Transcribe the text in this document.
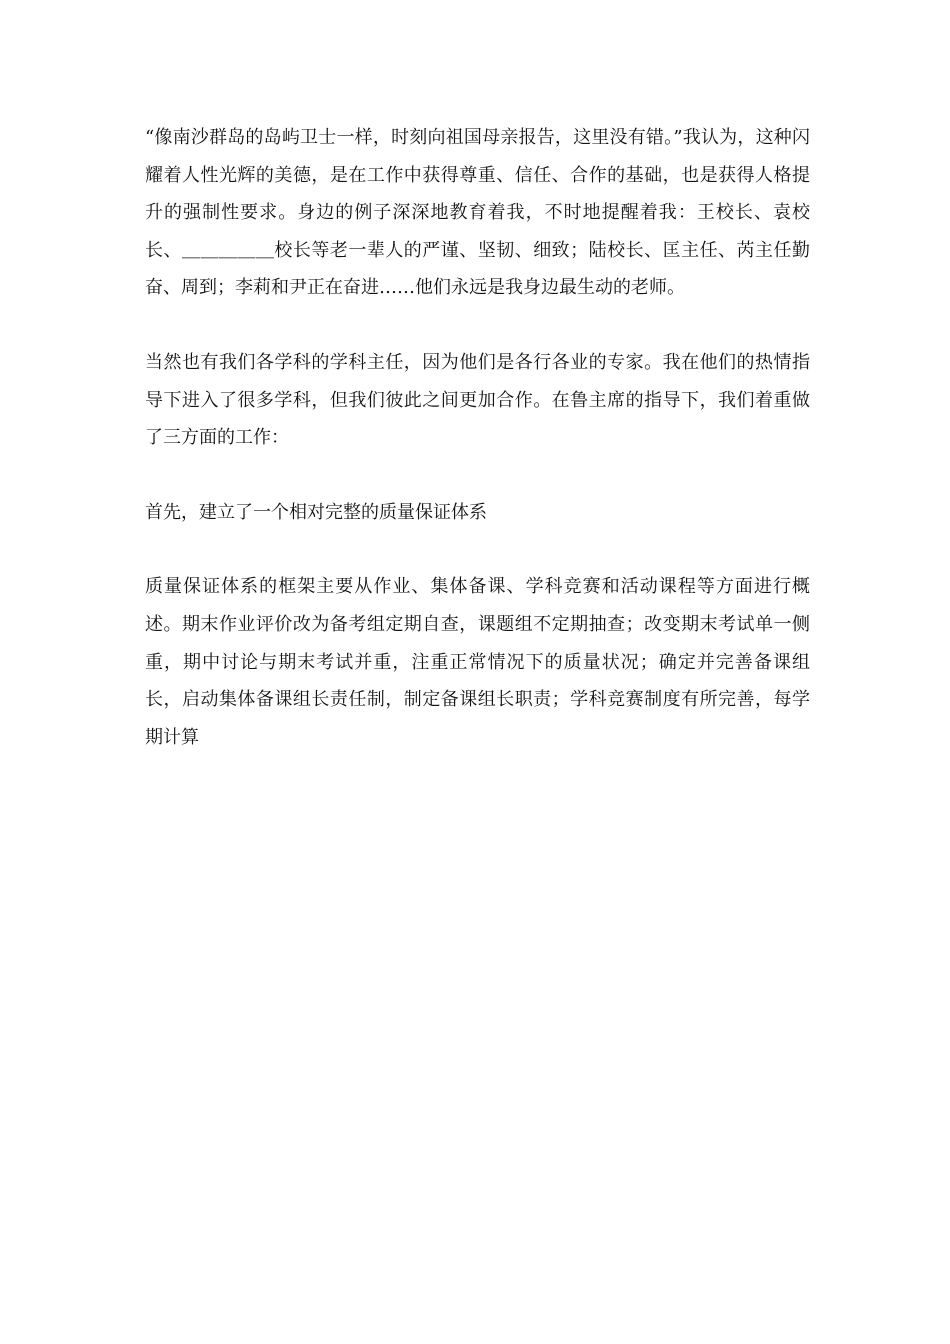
“像南沙群岛的岛屿卫士一样，时刻向祖国母亲报告，这里没有错。”我认为，这种闪耀着人性光辉的美德，是在工作中获得尊重、信任、合作的基础，也是获得人格提升的强制性要求。身边的例子深深地教育着我，不时地提醒着我：王校长、袁校长、＿＿＿＿＿校长等老一辈人的严谨、坚韧、细致；陆校长、匡主任、芮主任勤奋、周到；李莉和尹正在奋进……他们永远是我身边最生动的老师。

当然也有我们各学科的学科主任，因为他们是各行各业的专家。我在他们的热情指导下进入了很多学科，但我们彼此之间更加合作。在鲁主席的指导下，我们着重做了三方面的工作：

首先，建立了一个相对完整的质量保证体系

质量保证体系的框架主要从作业、集体备课、学科竞赛和活动课程等方面进行概述。期末作业评价改为备考组定期自查，课题组不定期抽查；改变期末考试单一侧重，期中讨论与期末考试并重，注重正常情况下的质量状况；确定并完善备课组长，启动集体备课组长责任制，制定备课组长职责；学科竞赛制度有所完善，每学期计算
